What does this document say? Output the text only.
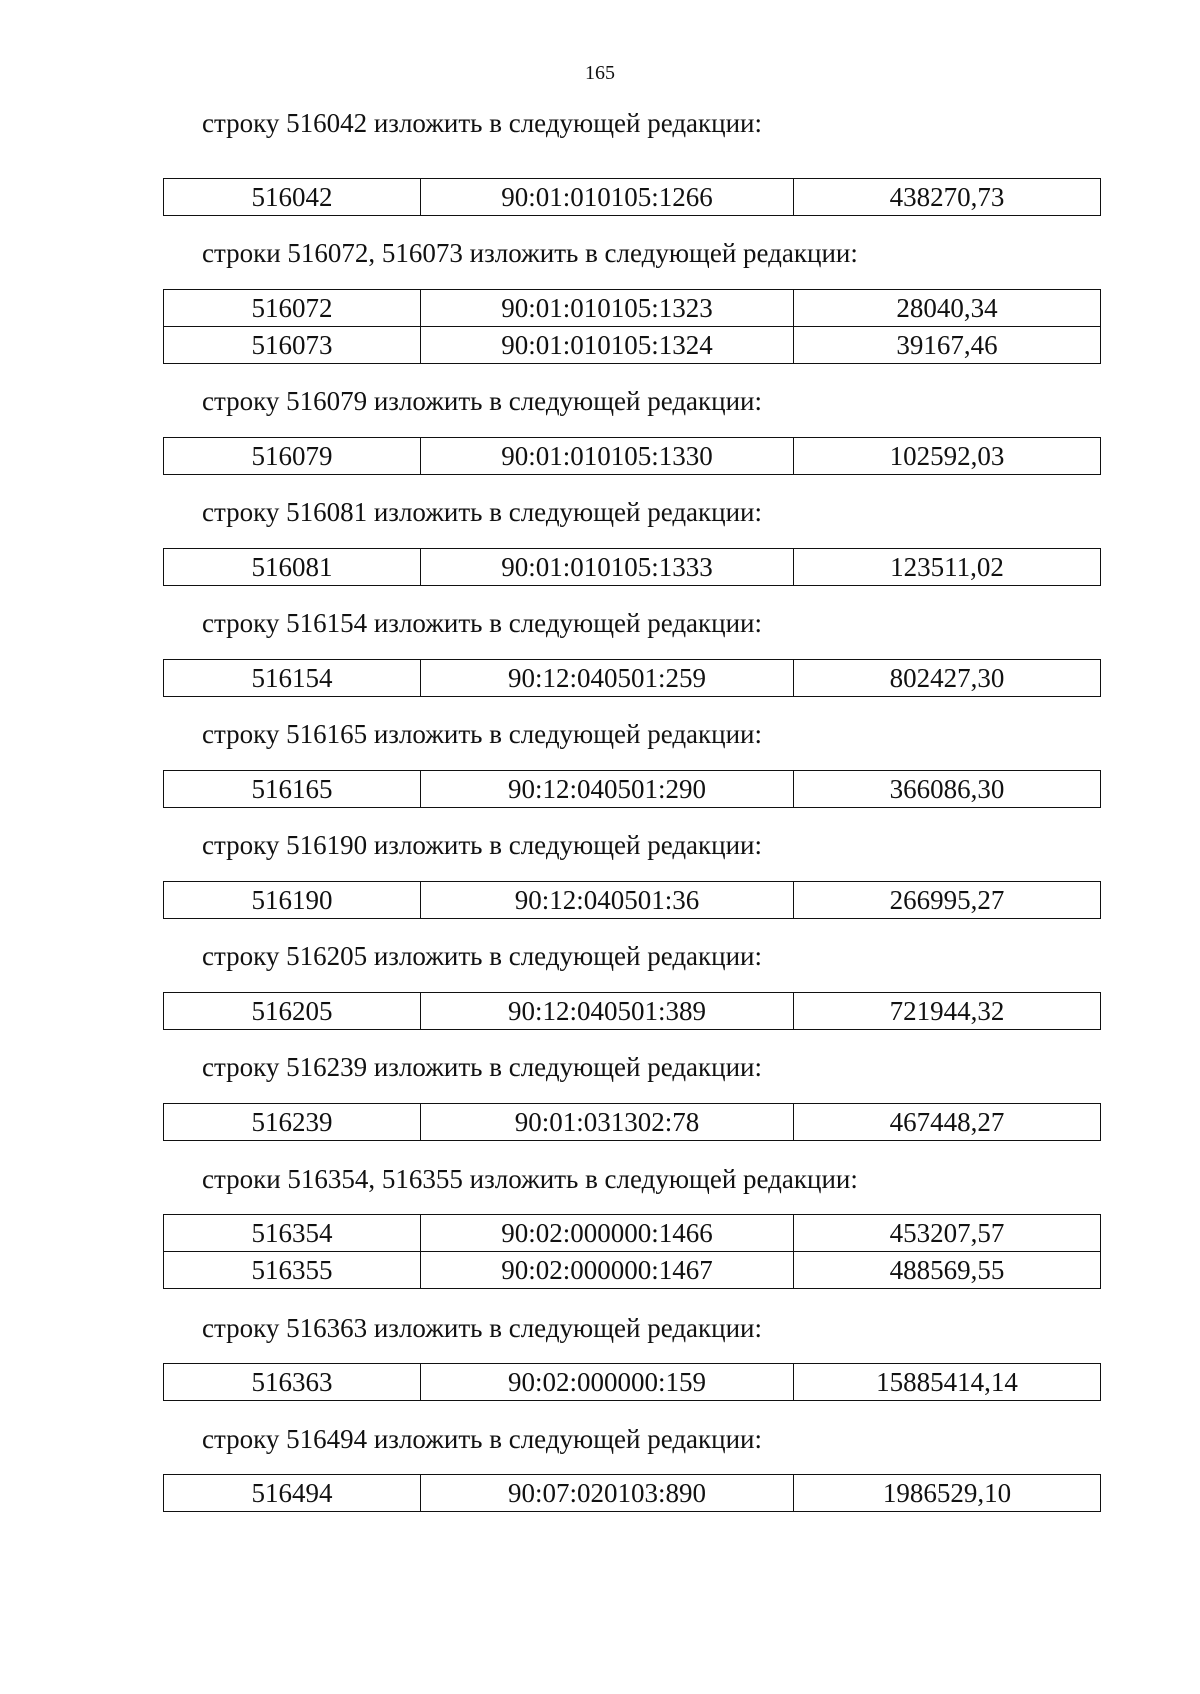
165

строку 516042 изложить в следующей редакции:

516042	90:01:010105:1266	438270,73

строки 516072, 516073 изложить в следующей редакции:

516072	90:01:010105:1323	28040,34
516073	90:01:010105:1324	39167,46

строку 516079 изложить в следующей редакции:

516079	90:01:010105:1330	102592,03

строку 516081 изложить в следующей редакции:

516081	90:01:010105:1333	123511,02

строку 516154 изложить в следующей редакции:

516154	90:12:040501:259	802427,30

строку 516165 изложить в следующей редакции:

516165	90:12:040501:290	366086,30

строку 516190 изложить в следующей редакции:

516190	90:12:040501:36	266995,27

строку 516205 изложить в следующей редакции:

516205	90:12:040501:389	721944,32

строку 516239 изложить в следующей редакции:

516239	90:01:031302:78	467448,27

строки 516354, 516355 изложить в следующей редакции:

516354	90:02:000000:1466	453207,57
516355	90:02:000000:1467	488569,55

строку 516363 изложить в следующей редакции:

516363	90:02:000000:159	15885414,14

строку 516494 изложить в следующей редакции:

516494	90:07:020103:890	1986529,10
